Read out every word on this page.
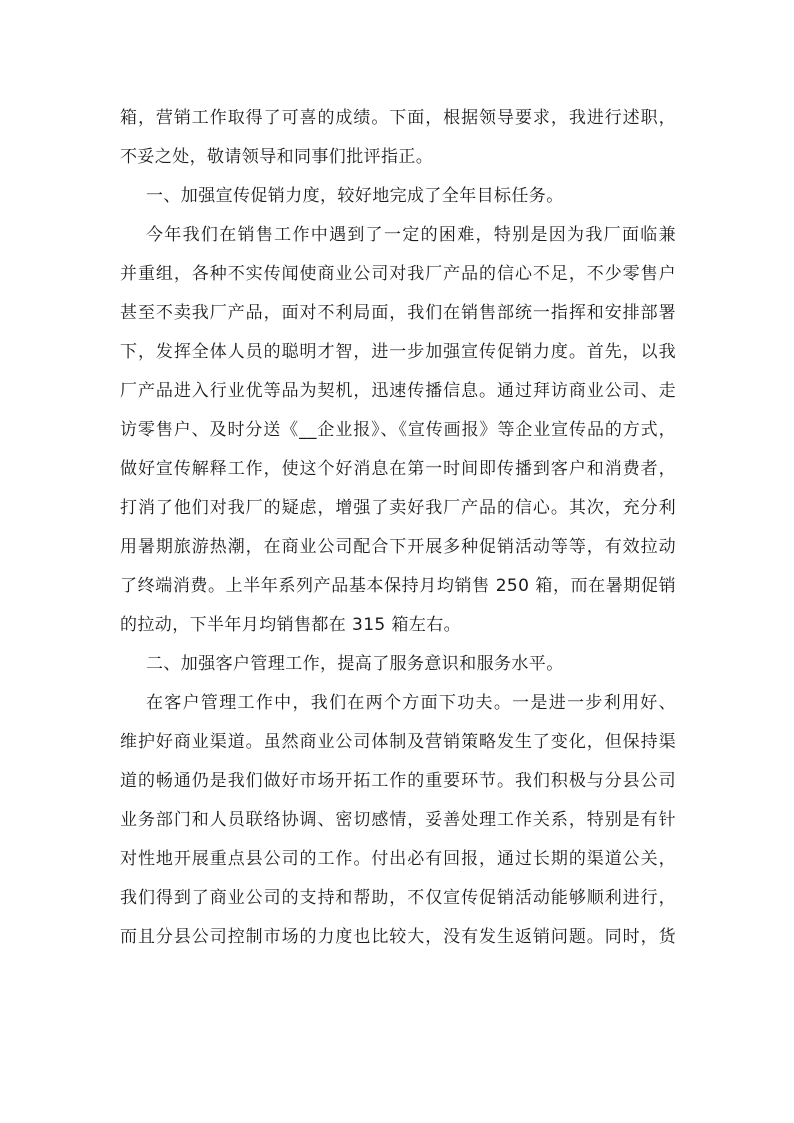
箱，营销工作取得了可喜的成绩。下面，根据领导要求，我进行述职，
不妥之处，敬请领导和同事们批评指正。
一、加强宣传促销力度，较好地完成了全年目标任务。
今年我们在销售工作中遇到了一定的困难，特别是因为我厂面临兼
并重组，各种不实传闻使商业公司对我厂产品的信心不足，不少零售户
甚至不卖我厂产品，面对不利局面，我们在销售部统一指挥和安排部署
下，发挥全体人员的聪明才智，进一步加强宣传促销力度。首先，以我
厂产品进入行业优等品为契机，迅速传播信息。通过拜访商业公司、走
访零售户、及时分送《__企业报》、《宣传画报》等企业宣传品的方式，
做好宣传解释工作，使这个好消息在第一时间即传播到客户和消费者，
打消了他们对我厂的疑虑，增强了卖好我厂产品的信心。其次，充分利
用暑期旅游热潮，在商业公司配合下开展多种促销活动等等，有效拉动
了终端消费。上半年系列产品基本保持月均销售 250 箱，而在暑期促销
的拉动，下半年月均销售都在 315 箱左右。
二、加强客户管理工作，提高了服务意识和服务水平。
在客户管理工作中，我们在两个方面下功夫。一是进一步利用好、
维护好商业渠道。虽然商业公司体制及营销策略发生了变化，但保持渠
道的畅通仍是我们做好市场开拓工作的重要环节。我们积极与分县公司
业务部门和人员联络协调、密切感情，妥善处理工作关系，特别是有针
对性地开展重点县公司的工作。付出必有回报，通过长期的渠道公关，
我们得到了商业公司的支持和帮助，不仅宣传促销活动能够顺利进行，
而且分县公司控制市场的力度也比较大，没有发生返销问题。同时，货
